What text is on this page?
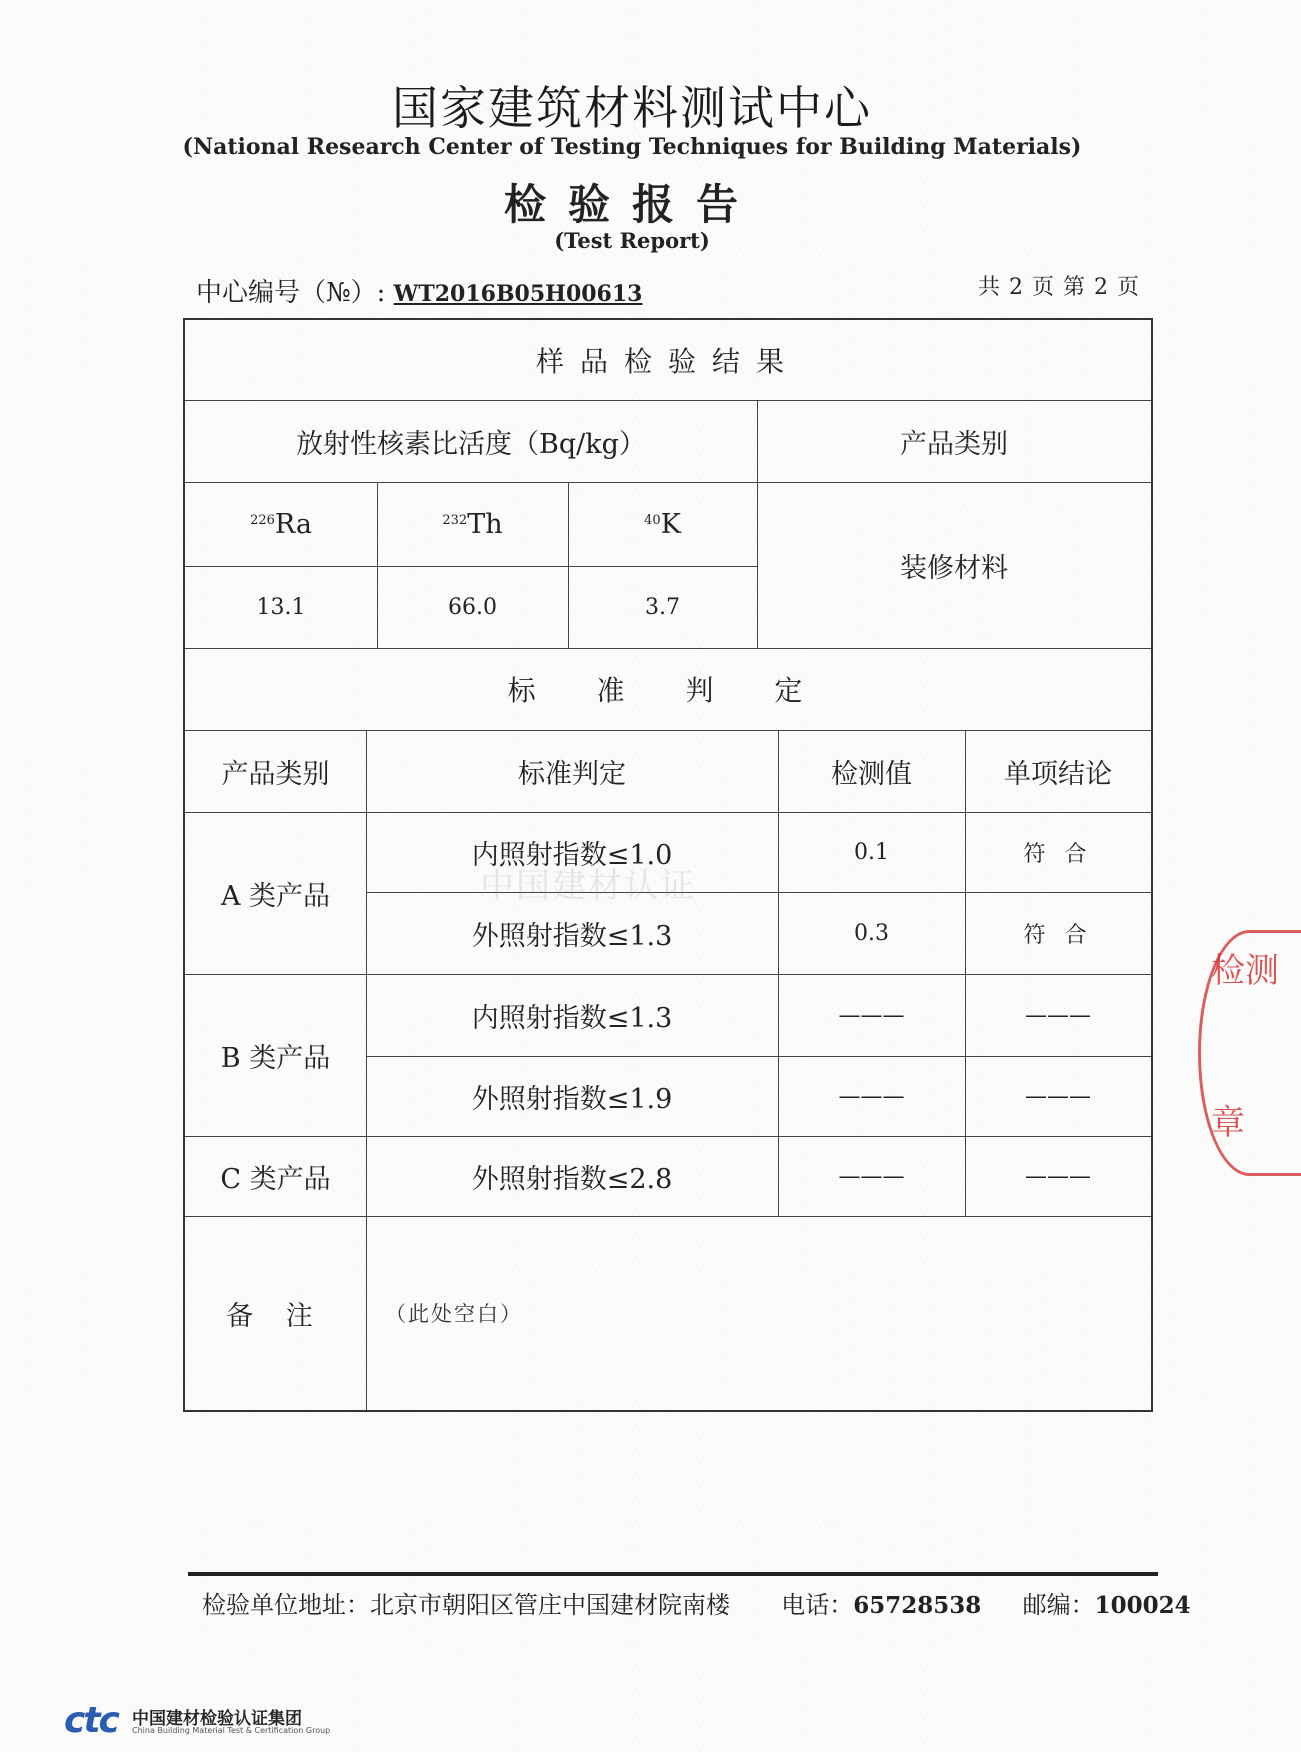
国家建筑材料测试中心
(National Research Center of Testing Techniques for Building Materials)
检验报告
(Test Report)
中心编号（№）: WT2016B05H00613	共 2 页 第 2 页
样品检验结果
放射性核素比活度（Bq/kg）	产品类别
$^{226}$ Ra	$^{232}$ Th	$^{40}$ K
13.1	66.0	3.7
装修材料
标 准 判 定
产品类别	标准判定	检测值	单项结论
A 类产品
内照射指数≤1.0	0.1	符 合
外照射指数≤1.3	0.3	符 合
B 类产品
内照射指数≤1.3	———	———
外照射指数≤1.9	———	———
C 类产品	外照射指数≤2.8	———	———
备 注	（此处空白）
中国建材认证
检测
章
检验单位地址：北京市朝阳区管庄中国建材院南楼 电话：65728538 邮编：100024
ctc 中国建材检验认证集团
China Building Material Test & Certification Group
